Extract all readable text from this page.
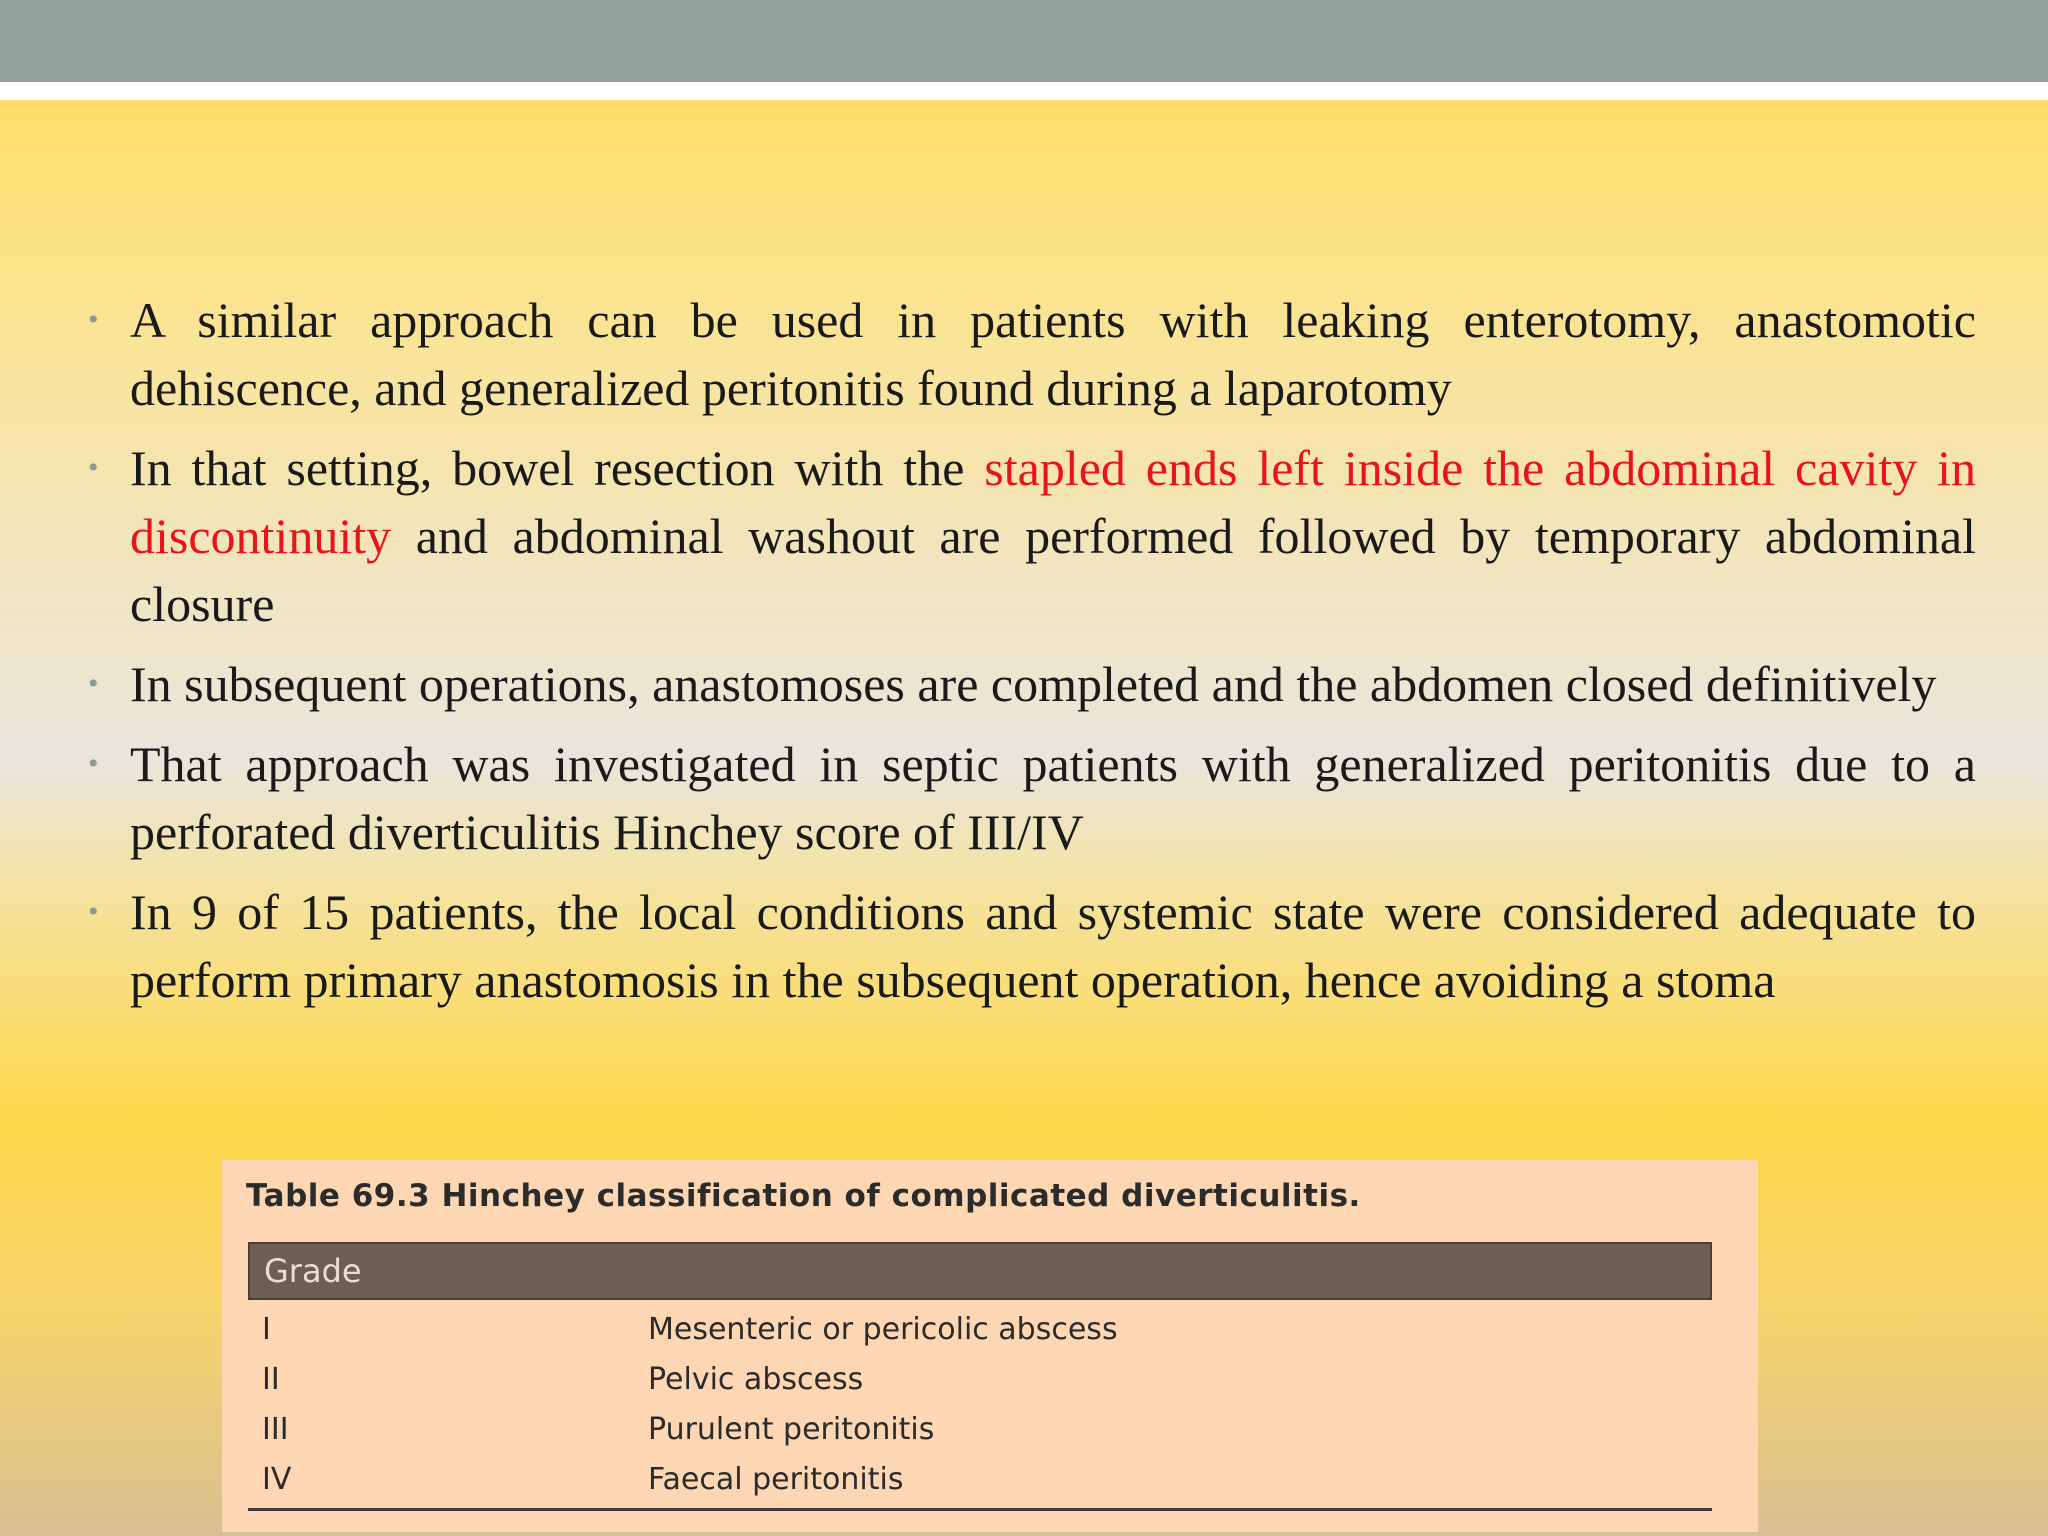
• A similar approach can be used in patients with leaking enterotomy, anastomotic dehiscence, and generalized peritonitis found during a laparotomy
• In that setting, bowel resection with the stapled ends left inside the abdominal cavity in discontinuity and abdominal washout are performed followed by temporary abdominal closure
• In subsequent operations, anastomoses are completed and the abdomen closed definitively
• That approach was investigated in septic patients with generalized peritonitis due to a perforated diverticulitis Hinchey score of III/IV
• In 9 of 15 patients, the local conditions and systemic state were considered adequate to perform primary anastomosis in the subsequent operation, hence avoiding a stoma
Table 69.3 Hinchey classification of complicated diverticulitis.
Grade
I	Mesenteric or pericolic abscess
II	Pelvic abscess
III	Purulent peritonitis
IV	Faecal peritonitis
